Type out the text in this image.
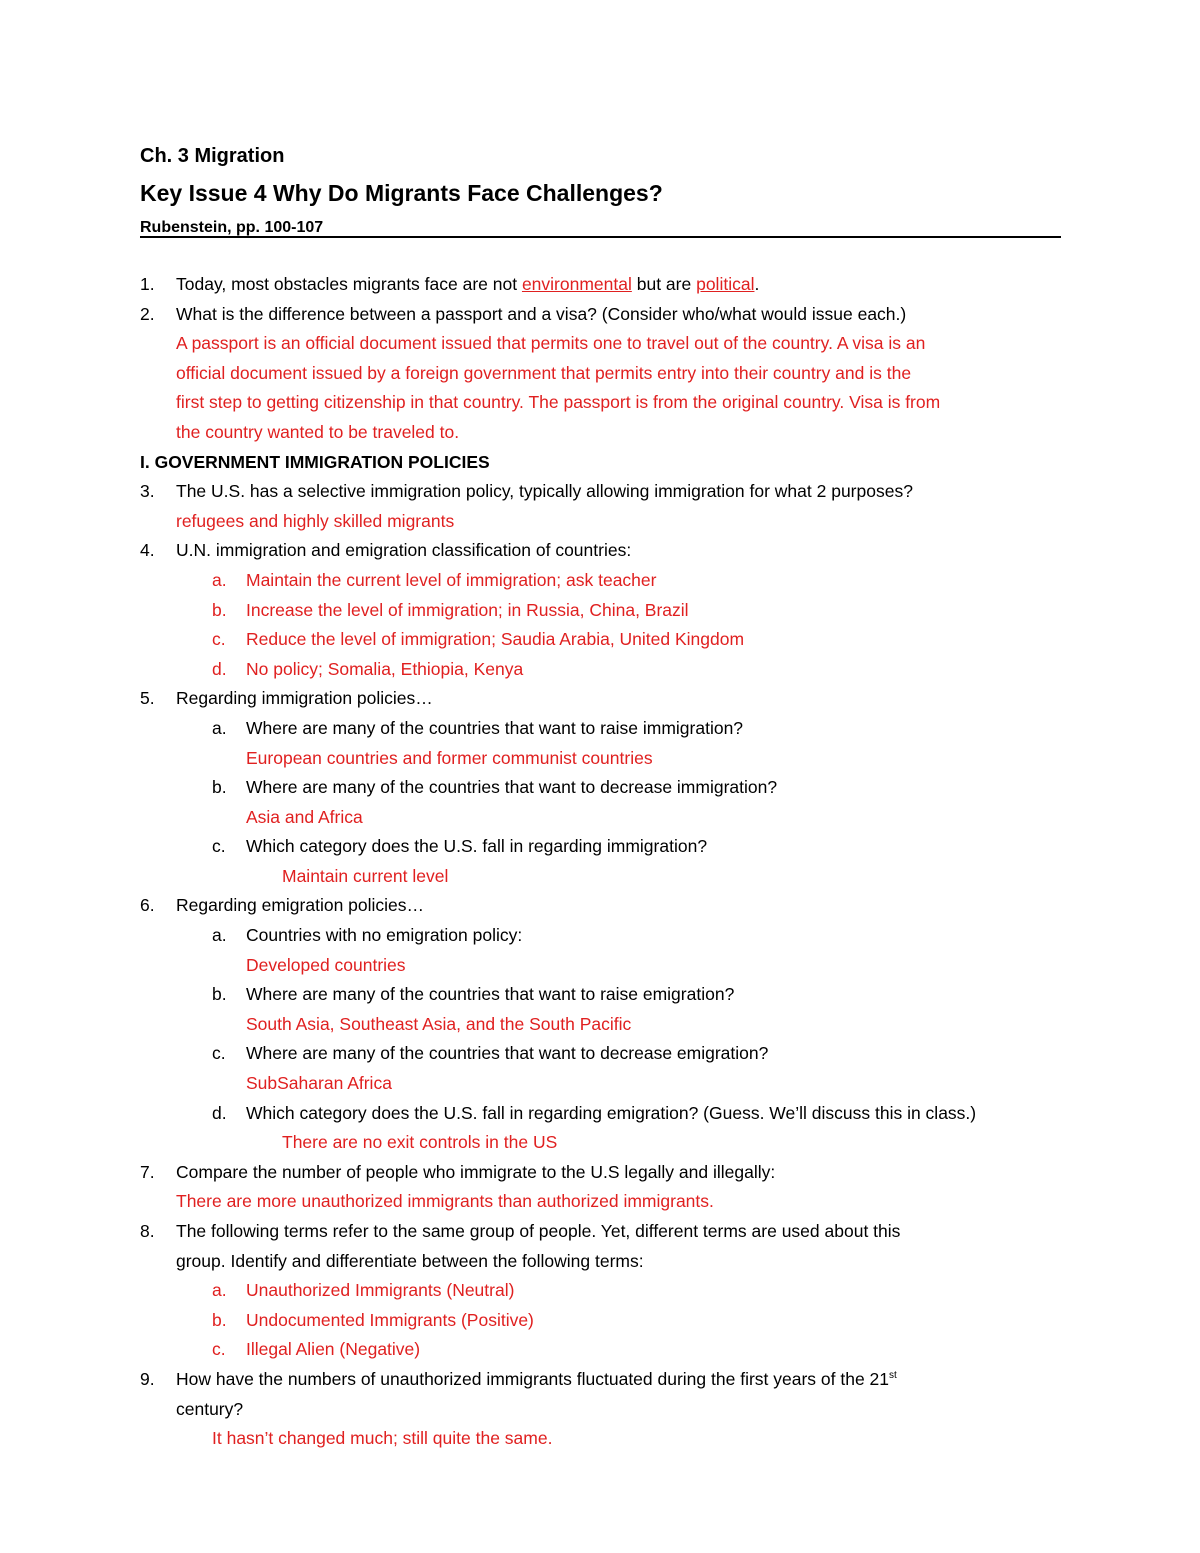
Ch. 3 Migration
Key Issue 4 Why Do Migrants Face Challenges?
Rubenstein, pp. 100-107
1. Today, most obstacles migrants face are not environmental but are political.
2. What is the difference between a passport and a visa? (Consider who/what would issue each.)
A passport is an official document issued that permits one to travel out of the country. A visa is an
official document issued by a foreign government that permits entry into their country and is the
first step to getting citizenship in that country. The passport is from the original country. Visa is from
the country wanted to be traveled to.
I. GOVERNMENT IMMIGRATION POLICIES
3. The U.S. has a selective immigration policy, typically allowing immigration for what 2 purposes?
refugees and highly skilled migrants
4. U.N. immigration and emigration classification of countries:
a. Maintain the current level of immigration; ask teacher
b. Increase the level of immigration; in Russia, China, Brazil
c. Reduce the level of immigration; Saudia Arabia, United Kingdom
d. No policy; Somalia, Ethiopia, Kenya
5. Regarding immigration policies…
a. Where are many of the countries that want to raise immigration?
European countries and former communist countries
b. Where are many of the countries that want to decrease immigration?
Asia and Africa
c. Which category does the U.S. fall in regarding immigration?
Maintain current level
6. Regarding emigration policies…
a. Countries with no emigration policy:
Developed countries
b. Where are many of the countries that want to raise emigration?
South Asia, Southeast Asia, and the South Pacific
c. Where are many of the countries that want to decrease emigration?
SubSaharan Africa
d. Which category does the U.S. fall in regarding emigration? (Guess. We’ll discuss this in class.)
There are no exit controls in the US
7. Compare the number of people who immigrate to the U.S legally and illegally:
There are more unauthorized immigrants than authorized immigrants.
8. The following terms refer to the same group of people. Yet, different terms are used about this
group. Identify and differentiate between the following terms:
a. Unauthorized Immigrants (Neutral)
b. Undocumented Immigrants (Positive)
c. Illegal Alien (Negative)
9. How have the numbers of unauthorized immigrants fluctuated during the first years of the 21st
century?
It hasn’t changed much; still quite the same.
